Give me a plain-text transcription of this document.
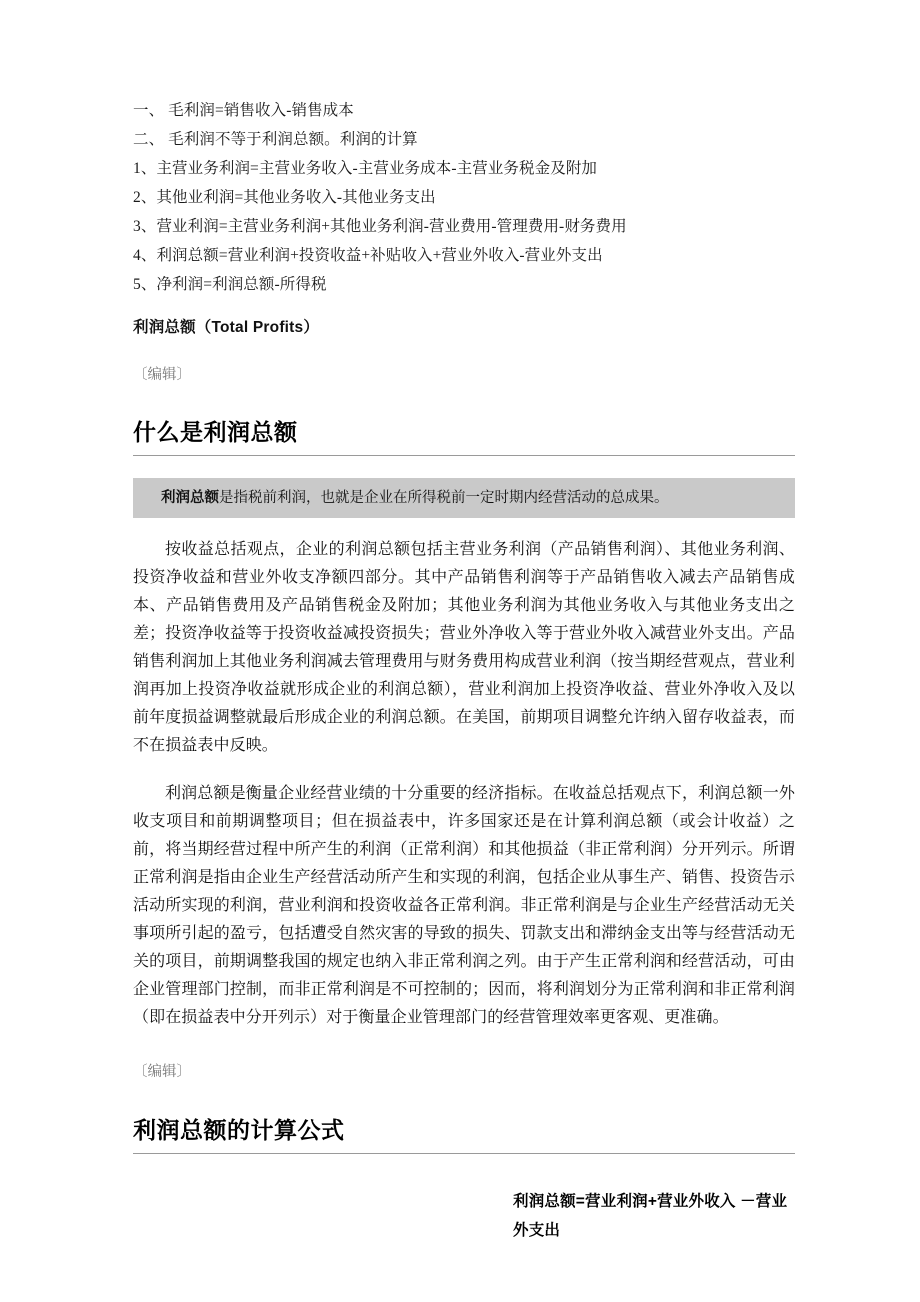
一、 毛利润=销售收入-销售成本
二、 毛利润不等于利润总额。利润的计算
1、主营业务利润=主营业务收入-主营业务成本-主营业务税金及附加
2、其他业利润=其他业务收入-其他业务支出
3、营业利润=主营业务利润+其他业务利润-营业费用-管理费用-财务费用
4、利润总额=营业利润+投资收益+补贴收入+营业外收入-营业外支出
5、净利润=利润总额-所得税

利润总额（Total Profits）

〔编辑〕

什么是利润总额
利润总额是指税前利润，也就是企业在所得税前一定时期内经营活动的总成果。

按收益总括观点，企业的利润总额包括主营业务利润（产品销售利润）、其他业务利润、投资净收益和营业外收支净额四部分。其中产品销售利润等于产品销售收入减去产品销售成本、产品销售费用及产品销售税金及附加；其他业务利润为其他业务收入与其他业务支出之差；投资净收益等于投资收益减投资损失；营业外净收入等于营业外收入减营业外支出。产品销售利润加上其他业务利润减去管理费用与财务费用构成营业利润（按当期经营观点，营业利润再加上投资净收益就形成企业的利润总额），营业利润加上投资净收益、营业外净收入及以前年度损益调整就最后形成企业的利润总额。在美国，前期项目调整允许纳入留存收益表，而不在损益表中反映。

利润总额是衡量企业经营业绩的十分重要的经济指标。在收益总括观点下，利润总额一外收支项目和前期调整项目；但在损益表中，许多国家还是在计算利润总额（或会计收益）之前，将当期经营过程中所产生的利润（正常利润）和其他损益（非正常利润）分开列示。所谓正常利润是指由企业生产经营活动所产生和实现的利润，包括企业从事生产、销售、投资告示活动所实现的利润，营业利润和投资收益各正常利润。非正常利润是与企业生产经营活动无关事项所引起的盈亏，包括遭受自然灾害的导致的损失、罚款支出和滞纳金支出等与经营活动无关的项目，前期调整我国的规定也纳入非正常利润之列。由于产生正常利润和经营活动，可由企业管理部门控制，而非正常利润是不可控制的；因而，将利润划分为正常利润和非正常利润（即在损益表中分开列示）对于衡量企业管理部门的经营管理效率更客观、更准确。

〔编辑〕

利润总额的计算公式
利润总额=营业利润+营业外收入 －营业外支出
